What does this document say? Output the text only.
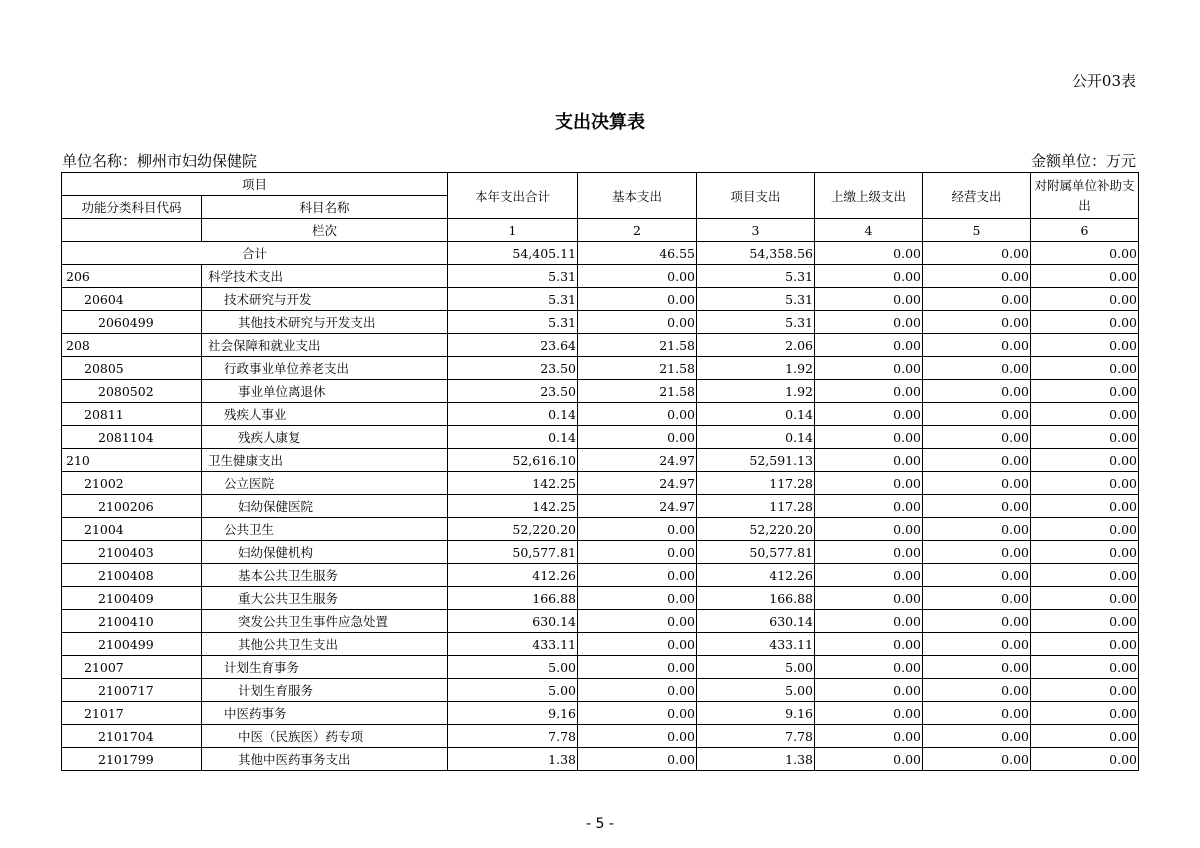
公开03表
支出决算表
单位名称：柳州市妇幼保健院	金额单位：万元
项目		本年支出合计	基本支出	项目支出	上缴上级支出	经营支出	对附属单位补助支出
功能分类科目代码	科目名称						
	栏次	1	2	3	4	5	6
合计		54,405.11	46.55	54,358.56	0.00	0.00	0.00
206	科学技术支出	5.31	0.00	5.31	0.00	0.00	0.00
20604	技术研究与开发	5.31	0.00	5.31	0.00	0.00	0.00
2060499	其他技术研究与开发支出	5.31	0.00	5.31	0.00	0.00	0.00
208	社会保障和就业支出	23.64	21.58	2.06	0.00	0.00	0.00
20805	行政事业单位养老支出	23.50	21.58	1.92	0.00	0.00	0.00
2080502	事业单位离退休	23.50	21.58	1.92	0.00	0.00	0.00
20811	残疾人事业	0.14	0.00	0.14	0.00	0.00	0.00
2081104	残疾人康复	0.14	0.00	0.14	0.00	0.00	0.00
210	卫生健康支出	52,616.10	24.97	52,591.13	0.00	0.00	0.00
21002	公立医院	142.25	24.97	117.28	0.00	0.00	0.00
2100206	妇幼保健医院	142.25	24.97	117.28	0.00	0.00	0.00
21004	公共卫生	52,220.20	0.00	52,220.20	0.00	0.00	0.00
2100403	妇幼保健机构	50,577.81	0.00	50,577.81	0.00	0.00	0.00
2100408	基本公共卫生服务	412.26	0.00	412.26	0.00	0.00	0.00
2100409	重大公共卫生服务	166.88	0.00	166.88	0.00	0.00	0.00
2100410	突发公共卫生事件应急处置	630.14	0.00	630.14	0.00	0.00	0.00
2100499	其他公共卫生支出	433.11	0.00	433.11	0.00	0.00	0.00
21007	计划生育事务	5.00	0.00	5.00	0.00	0.00	0.00
2100717	计划生育服务	5.00	0.00	5.00	0.00	0.00	0.00
21017	中医药事务	9.16	0.00	9.16	0.00	0.00	0.00
2101704	中医（民族医）药专项	7.78	0.00	7.78	0.00	0.00	0.00
2101799	其他中医药事务支出	1.38	0.00	1.38	0.00	0.00	0.00
- 5 -
